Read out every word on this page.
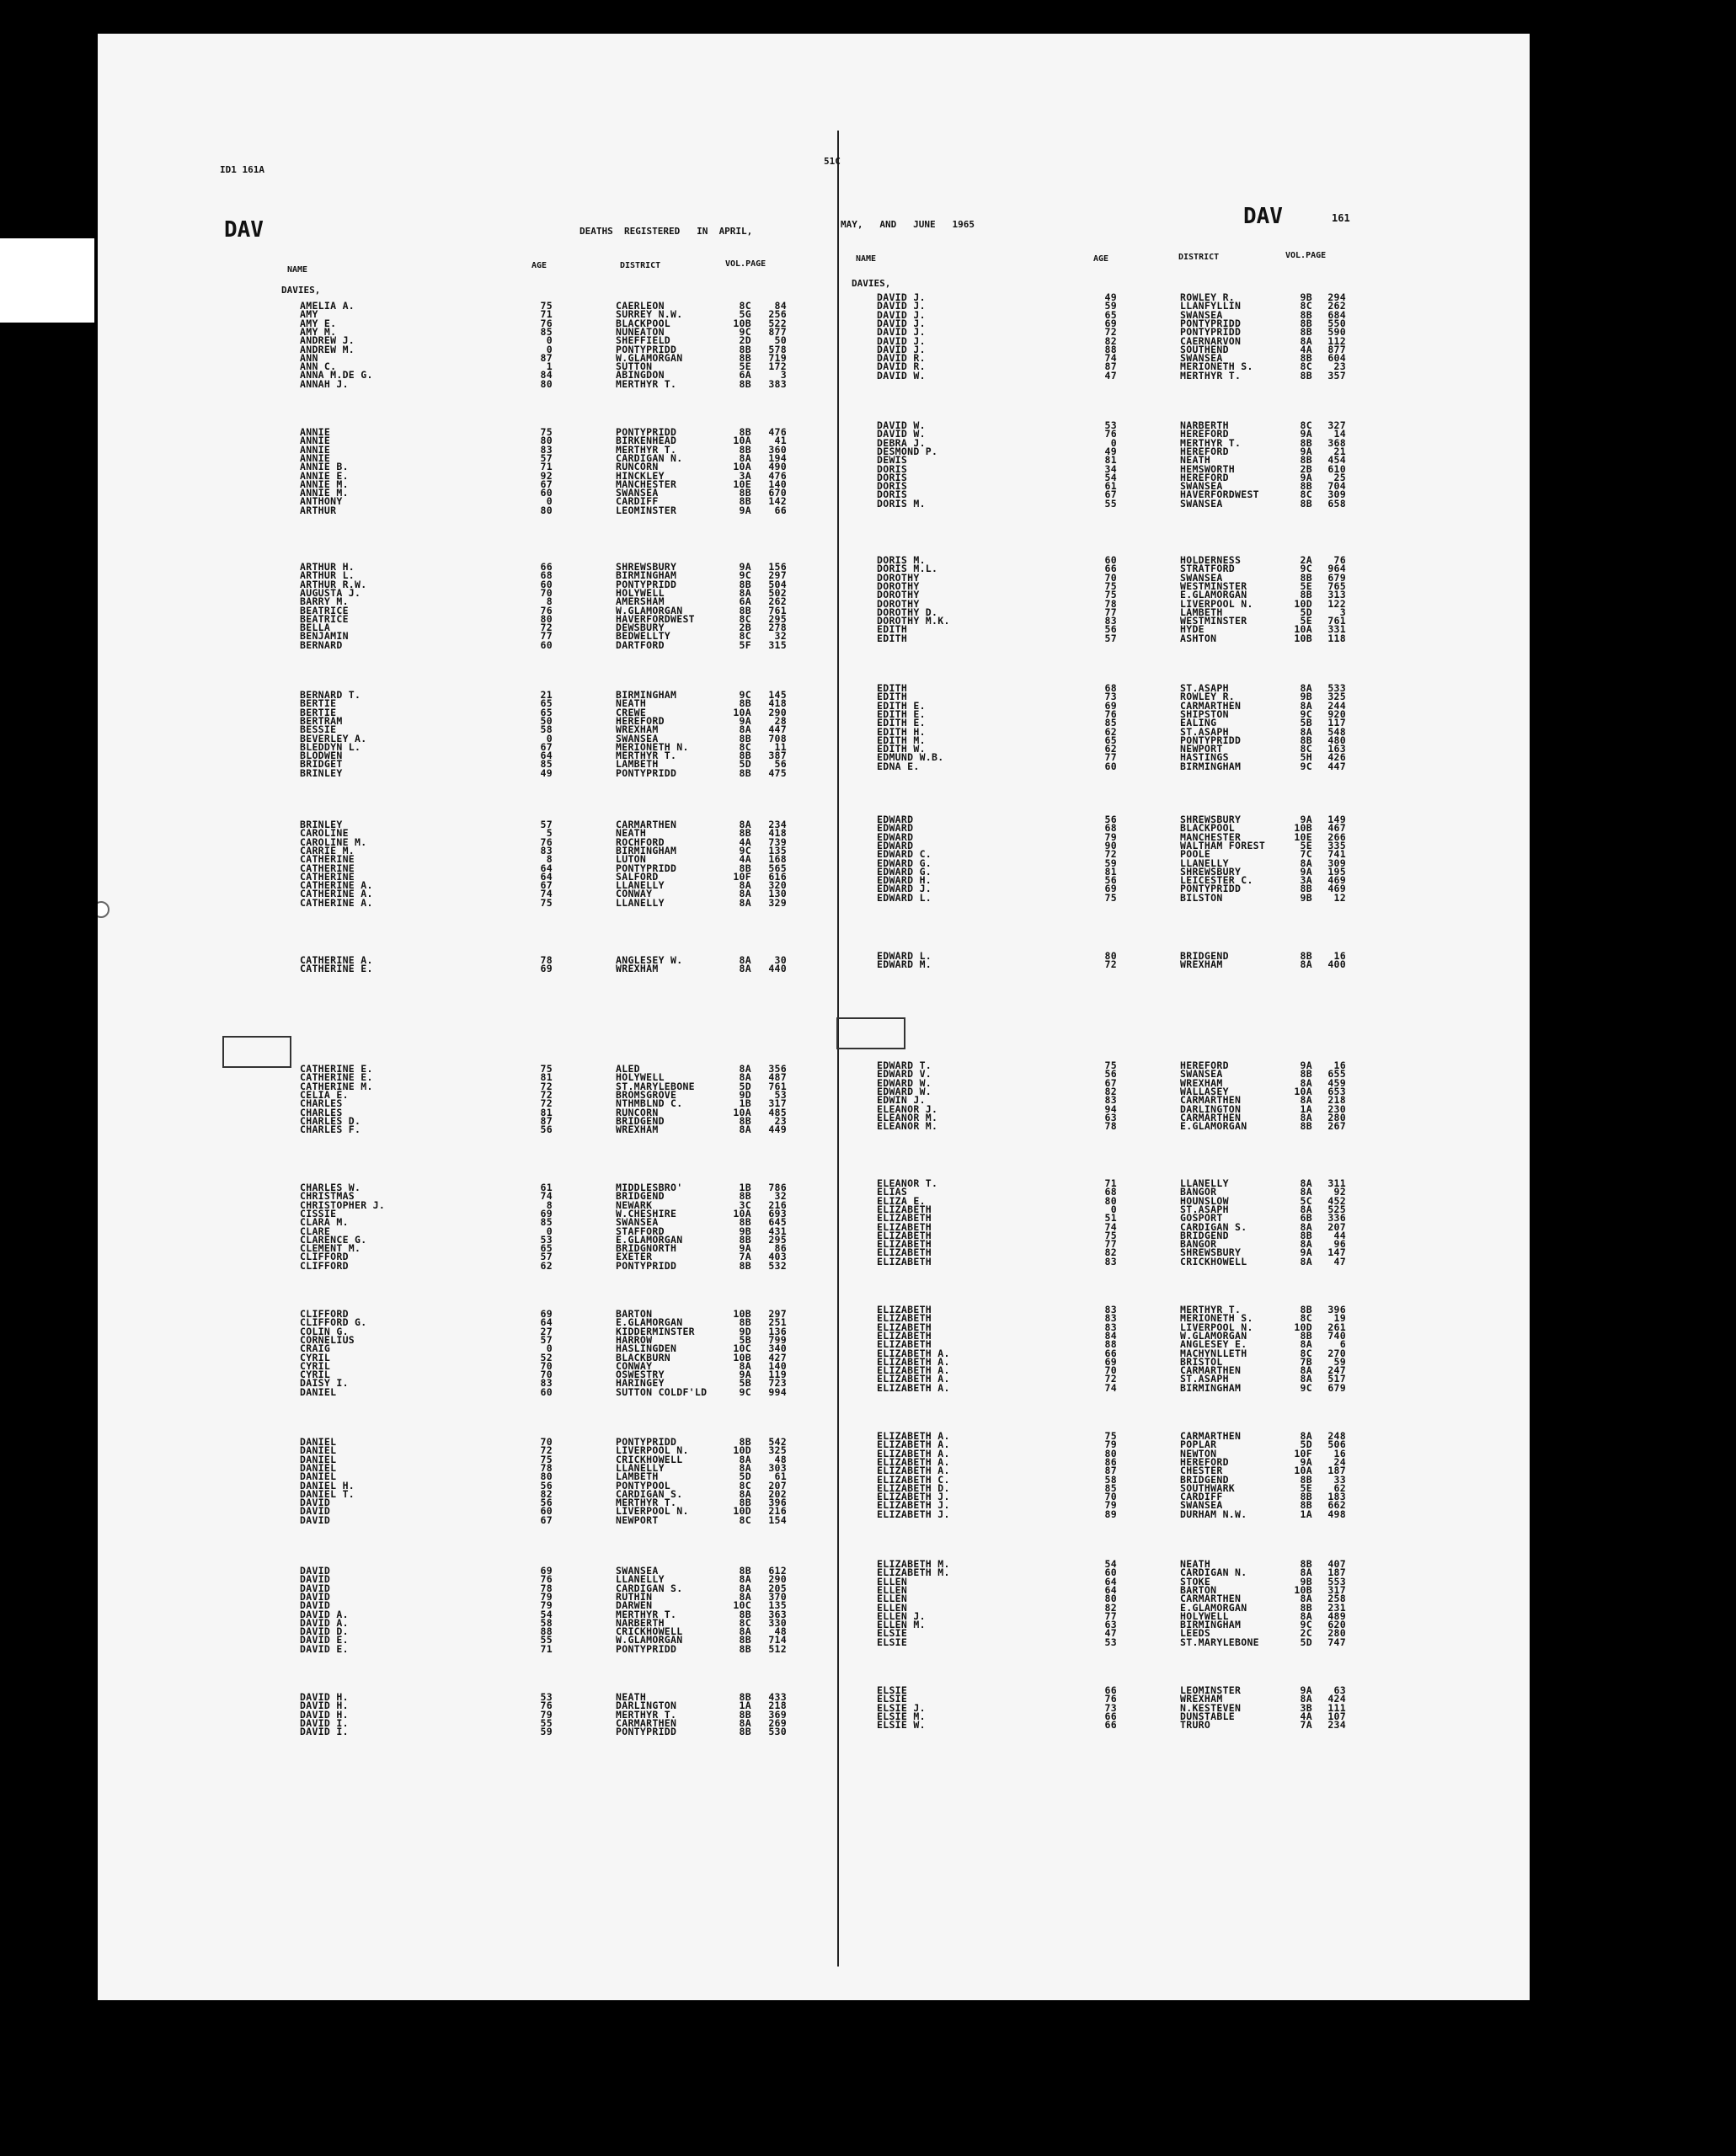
ID1 161A
51C
DAV
DAV	161
DEATHS  REGISTERED   IN  APRIL,
MAY,   AND   JUNE   1965
NAME	AGE	DISTRICT	VOL.PAGE
NAME	AGE	DISTRICT	VOL.PAGE
DAVIES,
DAVIES,
AMELIA A.	75	CAERLEON	8C	84
AMY	71	SURREY N.W.	5G	256
AMY E.	76	BLACKPOOL	10B	522
AMY M.	85	NUNEATON	9C	877
ANDREW J.	0	SHEFFIELD	2D	50
ANDREW M.	0	PONTYPRIDD	8B	578
ANN	87	W.GLAMORGAN	8B	719
ANN C.	1	SUTTON	5E	172
ANNA M.DE G.	84	ABINGDON	6A	3
ANNAH J.	80	MERTHYR T.	8B	383
ANNIE	75	PONTYPRIDD	8B	476
ANNIE	80	BIRKENHEAD	10A	41
ANNIE	83	MERTHYR T.	8B	360
ANNIE	57	CARDIGAN N.	8A	194
ANNIE B.	71	RUNCORN	10A	490
ANNIE E.	92	HINCKLEY	3A	476
ANNIE M.	67	MANCHESTER	10E	140
ANNIE M.	60	SWANSEA	8B	670
ANTHONY	0	CARDIFF	8B	142
ARTHUR	80	LEOMINSTER	9A	66
ARTHUR H.	66	SHREWSBURY	9A	156
ARTHUR L.	68	BIRMINGHAM	9C	297
ARTHUR R.W.	60	PONTYPRIDD	8B	504
AUGUSTA J.	70	HOLYWELL	8A	502
BARRY M.	8	AMERSHAM	6A	262
BEATRICE	76	W.GLAMORGAN	8B	761
BEATRICE	80	HAVERFORDWEST	8C	295
BELLA	72	DEWSBURY	2B	278
BENJAMIN	77	BEDWELLTY	8C	32
BERNARD	60	DARTFORD	5F	315
BERNARD T.	21	BIRMINGHAM	9C	145
BERTIE	65	NEATH	8B	418
BERTIE	65	CREWE	10A	290
BERTRAM	50	HEREFORD	9A	28
BESSIE	58	WREXHAM	8A	447
BEVERLEY A.	0	SWANSEA	8B	708
BLEDDYN L.	67	MERIONETH N.	8C	11
BLODWEN	64	MERTHYR T.	8B	387
BRIDGET	85	LAMBETH	5D	56
BRINLEY	49	PONTYPRIDD	8B	475
BRINLEY	57	CARMARTHEN	8A	234
CAROLINE	5	NEATH	8B	418
CAROLINE M.	76	ROCHFORD	4A	739
CARRIE M.	83	BIRMINGHAM	9C	135
CATHERINE	8	LUTON	4A	168
CATHERINE	64	PONTYPRIDD	8B	565
CATHERINE	64	SALFORD	10F	616
CATHERINE A.	67	LLANELLY	8A	320
CATHERINE A.	74	CONWAY	8A	130
CATHERINE A.	75	LLANELLY	8A	329
CATHERINE A.	78	ANGLESEY W.	8A	30
CATHERINE E.	69	WREXHAM	8A	440
CATHERINE E.	75	ALED	8A	356
CATHERINE E.	81	HOLYWELL	8A	487
CATHERINE M.	72	ST.MARYLEBONE	5D	761
CELIA E.	72	BROMSGROVE	9D	53
CHARLES	72	NTHMBLND C.	1B	317
CHARLES	81	RUNCORN	10A	485
CHARLES D.	87	BRIDGEND	8B	23
CHARLES F.	56	WREXHAM	8A	449
CHARLES W.	61	MIDDLESBRO'	1B	786
CHRISTMAS	74	BRIDGEND	8B	32
CHRISTOPHER J.	8	NEWARK	3C	216
CISSIE	69	W.CHESHIRE	10A	693
CLARA M.	85	SWANSEA	8B	645
CLARE	0	STAFFORD	9B	431
CLARENCE G.	53	E.GLAMORGAN	8B	295
CLEMENT M.	65	BRIDGNORTH	9A	86
CLIFFORD	57	EXETER	7A	403
CLIFFORD	62	PONTYPRIDD	8B	532
CLIFFORD	69	BARTON	10B	297
CLIFFORD G.	64	E.GLAMORGAN	8B	251
COLIN G.	27	KIDDERMINSTER	9D	136
CORNELIUS	57	HARROW	5B	799
CRAIG	0	HASLINGDEN	10C	340
CYRIL	52	BLACKBURN	10B	427
CYRIL	70	CONWAY	8A	140
CYRIL	70	OSWESTRY	9A	119
DAISY I.	83	HARINGEY	5B	723
DANIEL	60	SUTTON COLDF'LD	9C	994
DANIEL	70	PONTYPRIDD	8B	542
DANIEL	72	LIVERPOOL N.	10D	325
DANIEL	75	CRICKHOWELL	8A	48
DANIEL	78	LLANELLY	8A	303
DANIEL	80	LAMBETH	5D	61
DANIEL H.	56	PONTYPOOL	8C	207
DANIEL T.	82	CARDIGAN S.	8A	202
DAVID	56	MERTHYR T.	8B	396
DAVID	60	LIVERPOOL N.	10D	216
DAVID	67	NEWPORT	8C	154
DAVID	69	SWANSEA	8B	612
DAVID	76	LLANELLY	8A	290
DAVID	78	CARDIGAN S.	8A	205
DAVID	79	RUTHIN	8A	370
DAVID	79	DARWEN	10C	135
DAVID A.	54	MERTHYR T.	8B	363
DAVID A.	58	NARBERTH	8C	330
DAVID D.	88	CRICKHOWELL	8A	48
DAVID E.	55	W.GLAMORGAN	8B	714
DAVID E.	71	PONTYPRIDD	8B	512
DAVID H.	53	NEATH	8B	433
DAVID H.	76	DARLINGTON	1A	218
DAVID H.	79	MERTHYR T.	8B	369
DAVID I.	55	CARMARTHEN	8A	269
DAVID I.	59	PONTYPRIDD	8B	530
DAVID J.	49	ROWLEY R.	9B	294
DAVID J.	59	LLANFYLLIN	8C	262
DAVID J.	65	SWANSEA	8B	684
DAVID J.	69	PONTYPRIDD	8B	550
DAVID J.	72	PONTYPRIDD	8B	590
DAVID J.	82	CAERNARVON	8A	112
DAVID J.	88	SOUTHEND	4A	877
DAVID R.	74	SWANSEA	8B	604
DAVID R.	87	MERIONETH S.	8C	23
DAVID W.	47	MERTHYR T.	8B	357
DAVID W.	53	NARBERTH	8C	327
DAVID W.	76	HEREFORD	9A	14
DEBRA J.	0	MERTHYR T.	8B	368
DESMOND P.	49	HEREFORD	9A	21
DEWIS	81	NEATH	8B	454
DORIS	34	HEMSWORTH	2B	610
DORIS	54	HEREFORD	9A	25
DORIS	61	SWANSEA	8B	704
DORIS	67	HAVERFORDWEST	8C	309
DORIS M.	55	SWANSEA	8B	658
DORIS M.	60	HOLDERNESS	2A	76
DORIS M.L.	66	STRATFORD	9C	964
DOROTHY	70	SWANSEA	8B	679
DOROTHY	75	WESTMINSTER	5E	765
DOROTHY	75	E.GLAMORGAN	8B	313
DOROTHY	78	LIVERPOOL N.	10D	122
DOROTHY D.	77	LAMBETH	5D	3
DOROTHY M.K.	83	WESTMINSTER	5E	761
EDITH	56	HYDE	10A	331
EDITH	57	ASHTON	10B	118
EDITH	68	ST.ASAPH	8A	533
EDITH	73	ROWLEY R.	9B	325
EDITH E.	69	CARMARTHEN	8A	244
EDITH E.	76	SHIPSTON	9C	920
EDITH E.	85	EALING	5B	117
EDITH H.	62	ST.ASAPH	8A	548
EDITH M.	65	PONTYPRIDD	8B	480
EDITH W.	62	NEWPORT	8C	163
EDMUND W.B.	77	HASTINGS	5H	426
EDNA E.	60	BIRMINGHAM	9C	447
EDWARD	56	SHREWSBURY	9A	149
EDWARD	68	BLACKPOOL	10B	467
EDWARD	79	MANCHESTER	10E	266
EDWARD	90	WALTHAM FOREST	5E	335
EDWARD C.	72	POOLE	7C	741
EDWARD G.	59	LLANELLY	8A	309
EDWARD G.	81	SHREWSBURY	9A	195
EDWARD H.	56	LEICESTER C.	3A	469
EDWARD J.	69	PONTYPRIDD	8B	469
EDWARD L.	75	BILSTON	9B	12
EDWARD L.	80	BRIDGEND	8B	16
EDWARD M.	72	WREXHAM	8A	400
EDWARD T.	75	HEREFORD	9A	16
EDWARD V.	56	SWANSEA	8B	655
EDWARD W.	67	WREXHAM	8A	459
EDWARD W.	82	WALLASEY	10A	653
EDWIN J.	83	CARMARTHEN	8A	218
ELEANOR J.	94	DARLINGTON	1A	230
ELEANOR M.	63	CARMARTHEN	8A	280
ELEANOR M.	78	E.GLAMORGAN	8B	267
ELEANOR T.	71	LLANELLY	8A	311
ELIAS	68	BANGOR	8A	92
ELIZA E.	80	HOUNSLOW	5C	452
ELIZABETH	0	ST.ASAPH	8A	525
ELIZABETH	51	GOSPORT	6B	336
ELIZABETH	74	CARDIGAN S.	8A	207
ELIZABETH	75	BRIDGEND	8B	44
ELIZABETH	77	BANGOR	8A	96
ELIZABETH	82	SHREWSBURY	9A	147
ELIZABETH	83	CRICKHOWELL	8A	47
ELIZABETH	83	MERTHYR T.	8B	396
ELIZABETH	83	MERIONETH S.	8C	19
ELIZABETH	83	LIVERPOOL N.	10D	261
ELIZABETH	84	W.GLAMORGAN	8B	740
ELIZABETH	88	ANGLESEY E.	8A	6
ELIZABETH A.	66	MACHYNLLETH	8C	270
ELIZABETH A.	69	BRISTOL	7B	59
ELIZABETH A.	70	CARMARTHEN	8A	247
ELIZABETH A.	72	ST.ASAPH	8A	517
ELIZABETH A.	74	BIRMINGHAM	9C	679
ELIZABETH A.	75	CARMARTHEN	8A	248
ELIZABETH A.	79	POPLAR	5D	506
ELIZABETH A.	80	NEWTON	10F	16
ELIZABETH A.	86	HEREFORD	9A	24
ELIZABETH A.	87	CHESTER	10A	187
ELIZABETH C.	58	BRIDGEND	8B	33
ELIZABETH D.	85	SOUTHWARK	5E	62
ELIZABETH J.	70	CARDIFF	8B	183
ELIZABETH J.	79	SWANSEA	8B	662
ELIZABETH J.	89	DURHAM N.W.	1A	498
ELIZABETH M.	54	NEATH	8B	407
ELIZABETH M.	60	CARDIGAN N.	8A	187
ELLEN	64	STOKE	9B	553
ELLEN	64	BARTON	10B	317
ELLEN	80	CARMARTHEN	8A	258
ELLEN	82	E.GLAMORGAN	8B	231
ELLEN J.	77	HOLYWELL	8A	489
ELLEN M.	63	BIRMINGHAM	9C	620
ELSIE	47	LEEDS	2C	280
ELSIE	53	ST.MARYLEBONE	5D	747
ELSIE	66	LEOMINSTER	9A	63
ELSIE	76	WREXHAM	8A	424
ELSIE J.	73	N.KESTEVEN	3B	111
ELSIE M.	66	DUNSTABLE	4A	107
ELSIE W.	66	TRURO	7A	234
